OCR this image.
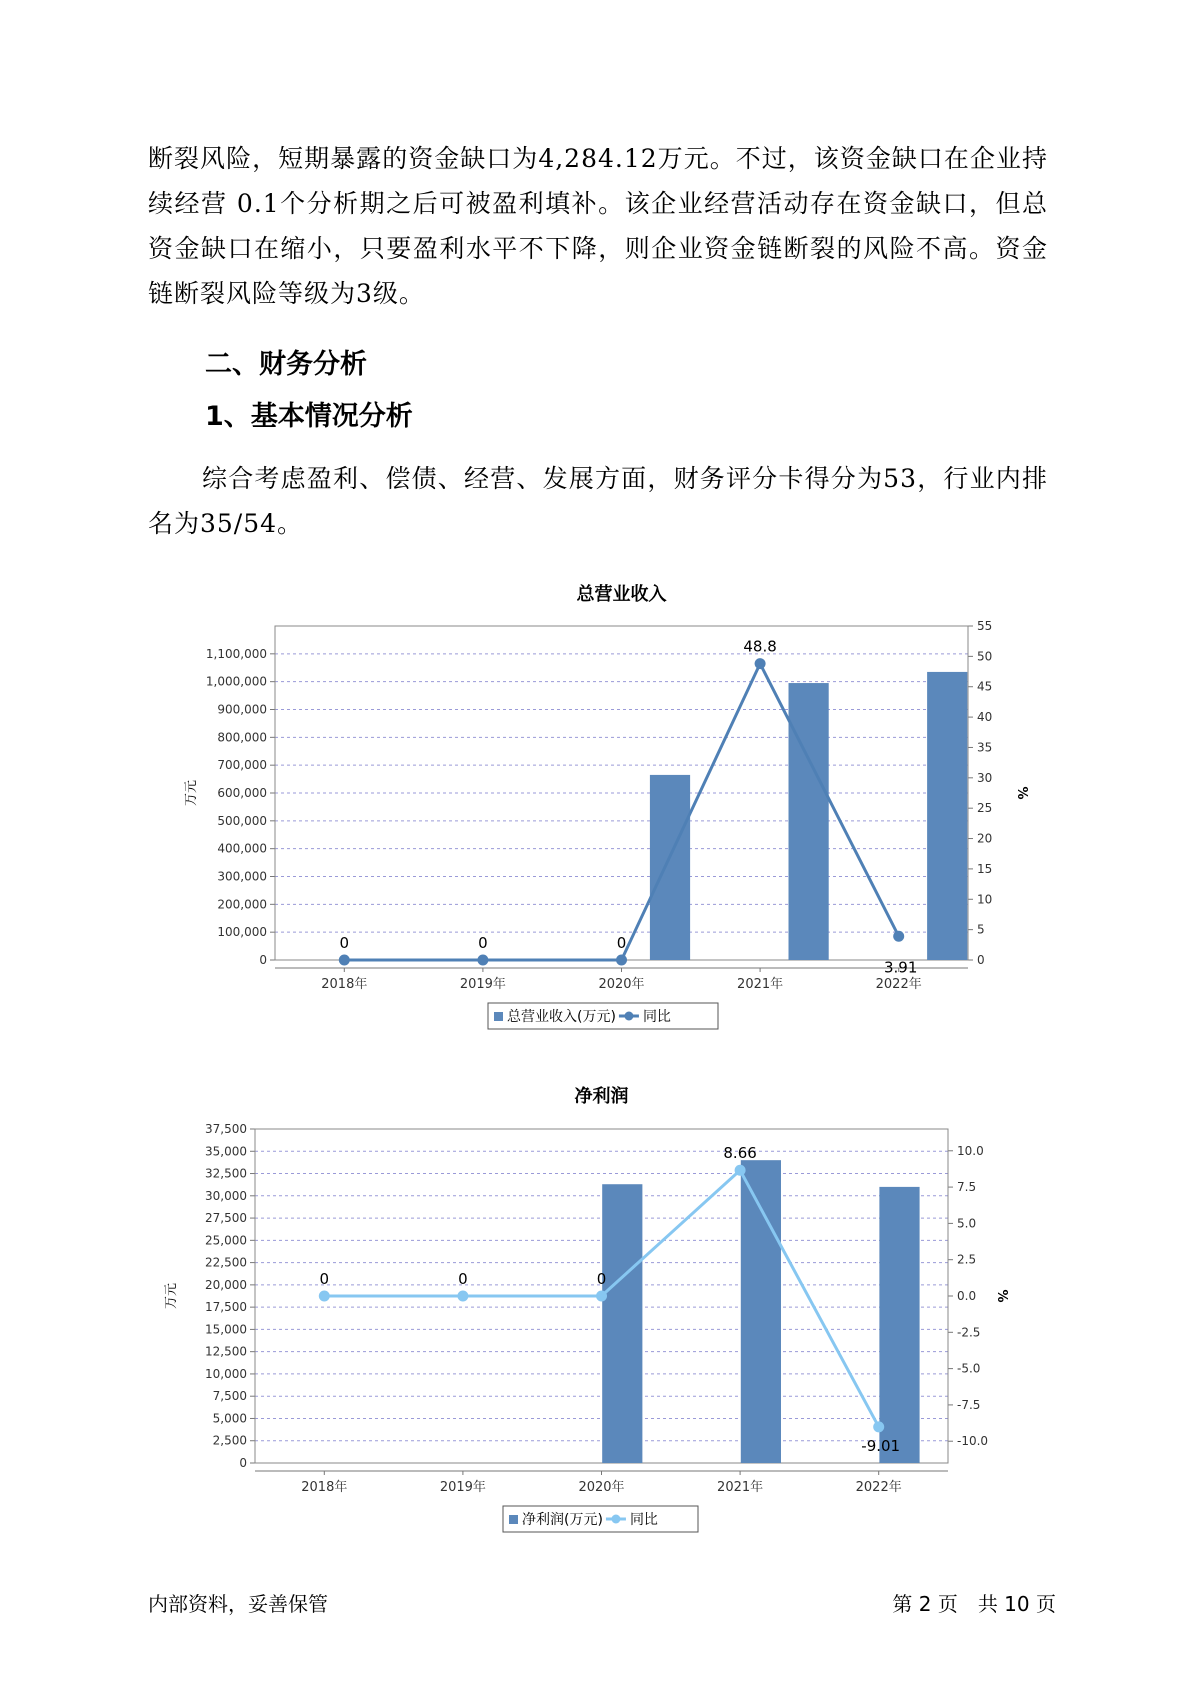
断裂风险，短期暴露的资金缺口为4,284.12万元。不过，该资金缺口在企业持续经营 0.1个分析期之后可被盈利填补。该企业经营活动存在资金缺口，但总资金缺口在缩小，只要盈利水平不下降，则企业资金链断裂的风险不高。资金链断裂风险等级为3级。

二、财务分析
1、基本情况分析

综合考虑盈利、偿债、经营、发展方面，财务评分卡得分为53，行业内排名为35/54。

总营业收入
0
100,000
200,000
300,000
400,000
500,000
600,000
700,000
800,000
900,000
1,000,000
1,100,000
0
5
10
15
20
25
30
35
40
45
50
55
万元	%
2018年	2019年	2020年	2021年	2022年
0	0	0
48.8
3.91
总营业收入(万元) 同比
净利润
0
2,500
5,000
7,500
10,000
12,500
15,000
17,500
20,000
22,500
25,000
27,500
30,000
32,500
35,000
37,500
-10.0
-7.5
-5.0
-2.5
0.0
2.5
5.0
7.5
10.0
万元	%
2018年	2019年	2020年	2021年	2022年
0	0	0
8.66
-9.01
净利润(万元) 同比
内部资料，妥善保管	第 2 页　共 10 页
